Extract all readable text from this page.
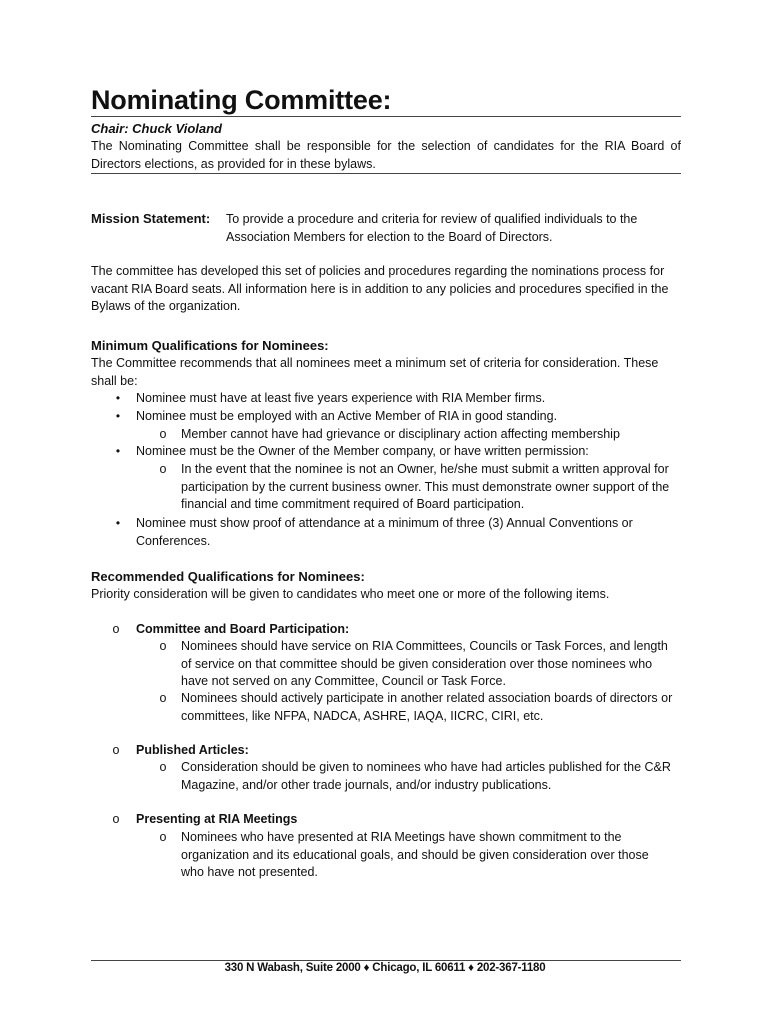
Nominating Committee:
Chair: Chuck Violand
The Nominating Committee shall be responsible for the selection of candidates for the RIA Board of Directors elections, as provided for in these bylaws.
Mission Statement: To provide a procedure and criteria for review of qualified individuals to the
Association Members for election to the Board of Directors.
The committee has developed this set of policies and procedures regarding the nominations process for vacant RIA Board seats. All information here is in addition to any policies and procedures specified in the Bylaws of the organization.
Minimum Qualifications for Nominees:
The Committee recommends that all nominees meet a minimum set of criteria for consideration. These shall be:
•	Nominee must have at least five years experience with RIA Member firms.
•	Nominee must be employed with an Active Member of RIA in good standing.
o Member cannot have had grievance or disciplinary action affecting membership
•	Nominee must be the Owner of the Member company, or have written permission:
o In the event that the nominee is not an Owner, he/she must submit a written approval for participation by the current business owner. This must demonstrate owner support of the financial and time commitment required of Board participation.
•	Nominee must show proof of attendance at a minimum of three (3) Annual Conventions or Conferences.
Recommended Qualifications for Nominees:
Priority consideration will be given to candidates who meet one or more of the following items.
o Committee and Board Participation:
o Nominees should have service on RIA Committees, Councils or Task Forces, and length of service on that committee should be given consideration over those nominees who have not served on any Committee, Council or Task Force.
o Nominees should actively participate in another related association boards of directors or committees, like NFPA, NADCA, ASHRE, IAQA, IICRC, CIRI, etc.
o Published Articles:
o Consideration should be given to nominees who have had articles published for the C&R Magazine, and/or other trade journals, and/or industry publications.
o Presenting at RIA Meetings
o Nominees who have presented at RIA Meetings have shown commitment to the organization and its educational goals, and should be given consideration over those who have not presented.
330 N Wabash, Suite 2000 ♦ Chicago, IL 60611 ♦ 202-367-1180
